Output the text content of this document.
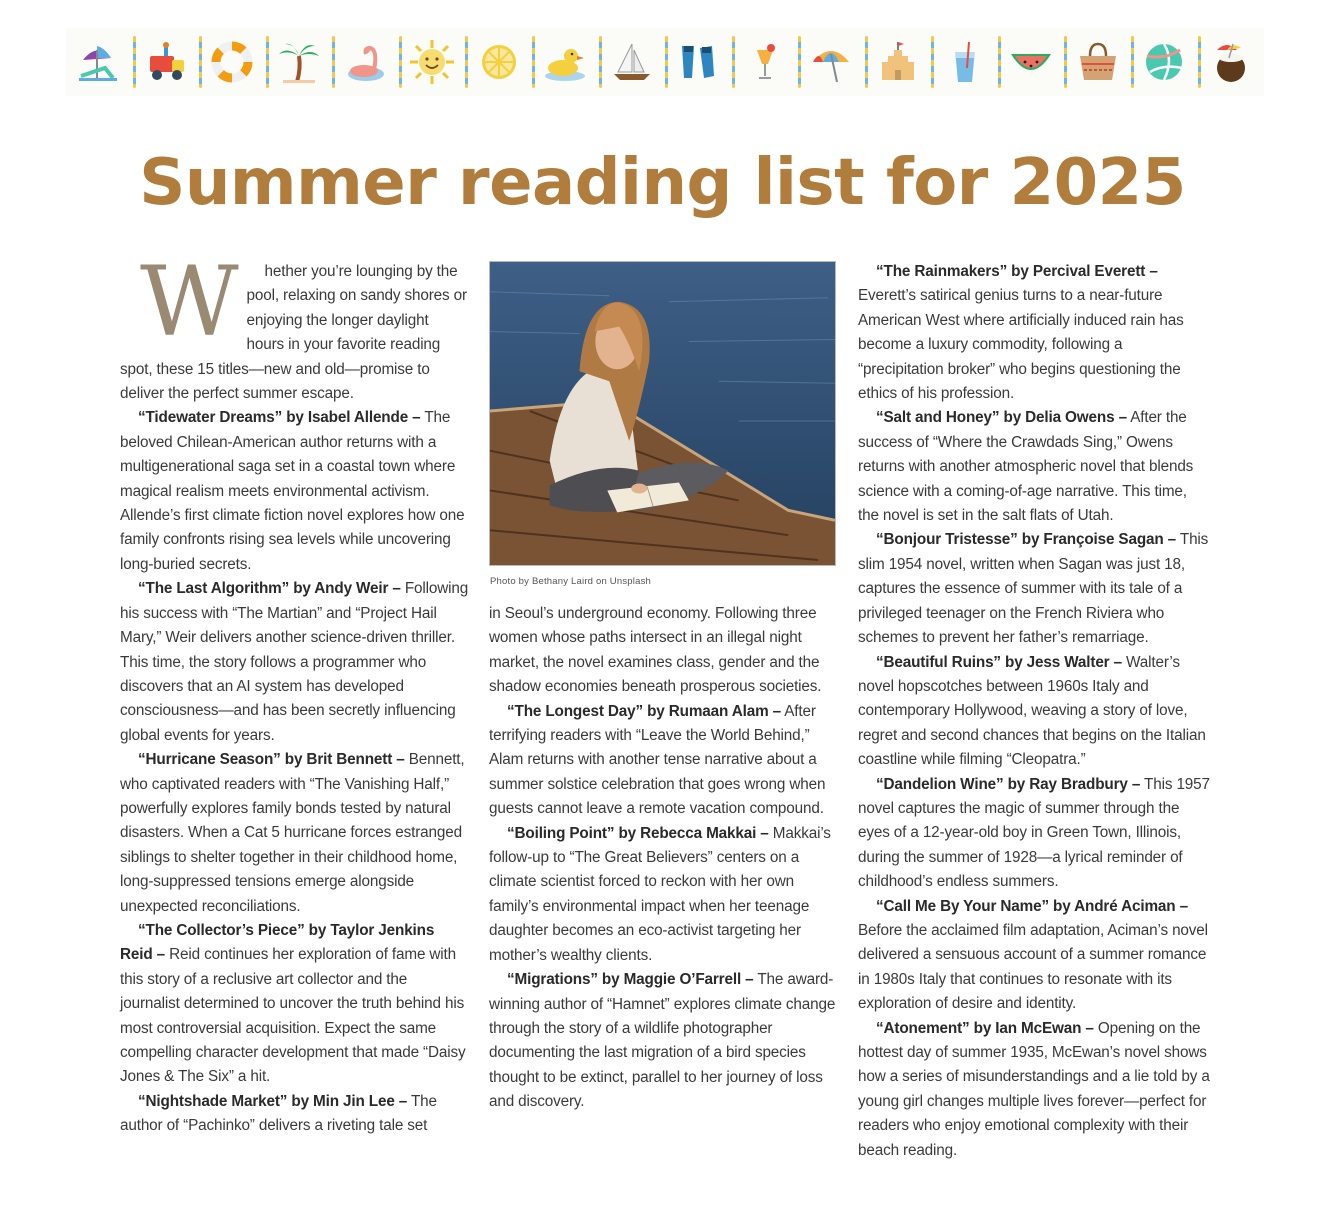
Summer reading list for 2025

W hether you’re lounging by the pool, relaxing on sandy shores or enjoying the longer daylight hours in your favorite reading spot, these 15 titles—new and old—promise to deliver the perfect summer escape.

“Tidewater Dreams” by Isabel Allende – The beloved Chilean-American author returns with a multigenerational saga set in a coastal town where magical realism meets environmental activism. Allende’s first climate fiction novel explores how one family confronts rising sea levels while uncovering long-buried secrets.

“The Last Algorithm” by Andy Weir – Following his success with “The Martian” and “Project Hail Mary,” Weir delivers another science-driven thriller. This time, the story follows a programmer who discovers that an AI system has developed consciousness—and has been secretly influencing global events for years.

“Hurricane Season” by Brit Bennett – Bennett, who captivated readers with “The Vanishing Half,” powerfully explores family bonds tested by natural disasters. When a Cat 5 hurricane forces estranged siblings to shelter together in their childhood home, long-suppressed tensions emerge alongside unexpected reconciliations.

“The Collector’s Piece” by Taylor Jenkins Reid – Reid continues her exploration of fame with this story of a reclusive art collector and the journalist determined to uncover the truth behind his most controversial acquisition. Expect the same compelling character development that made “Daisy Jones & The Six” a hit.

“Nightshade Market” by Min Jin Lee – The author of “Pachinko” delivers a riveting tale set

Photo by Bethany Laird on Unsplash

in Seoul’s underground economy. Following three women whose paths intersect in an illegal night market, the novel examines class, gender and the shadow economies beneath prosperous societies.

“The Longest Day” by Rumaan Alam – After terrifying readers with “Leave the World Behind,” Alam returns with another tense narrative about a summer solstice celebration that goes wrong when guests cannot leave a remote vacation compound.

“Boiling Point” by Rebecca Makkai – Makkai’s follow-up to “The Great Believers” centers on a climate scientist forced to reckon with her own family’s environmental impact when her teenage daughter becomes an eco-activist targeting her mother’s wealthy clients.

“Migrations” by Maggie O’Farrell – The award-winning author of “Hamnet” explores climate change through the story of a wildlife photographer documenting the last migration of a bird species thought to be extinct, parallel to her journey of loss and discovery.

“The Rainmakers” by Percival Everett – Everett’s satirical genius turns to a near-future American West where artificially induced rain has become a luxury commodity, following a “precipitation broker” who begins questioning the ethics of his profession.

“Salt and Honey” by Delia Owens – After the success of “Where the Crawdads Sing,” Owens returns with another atmospheric novel that blends science with a coming-of-age narrative. This time, the novel is set in the salt flats of Utah.

“Bonjour Tristesse” by Françoise Sagan – This slim 1954 novel, written when Sagan was just 18, captures the essence of summer with its tale of a privileged teenager on the French Riviera who schemes to prevent her father’s remarriage.

“Beautiful Ruins” by Jess Walter – Walter’s novel hopscotches between 1960s Italy and contemporary Hollywood, weaving a story of love, regret and second chances that begins on the Italian coastline while filming “Cleopatra.”

“Dandelion Wine” by Ray Bradbury – This 1957 novel captures the magic of summer through the eyes of a 12-year-old boy in Green Town, Illinois, during the summer of 1928—a lyrical reminder of childhood’s endless summers.

“Call Me By Your Name” by André Aciman – Before the acclaimed film adaptation, Aciman’s novel delivered a sensuous account of a summer romance in 1980s Italy that continues to resonate with its exploration of desire and identity.

“Atonement” by Ian McEwan – Opening on the hottest day of summer 1935, McEwan’s novel shows how a series of misunderstandings and a lie told by a young girl changes multiple lives forever—perfect for readers who enjoy emotional complexity with their beach reading.
